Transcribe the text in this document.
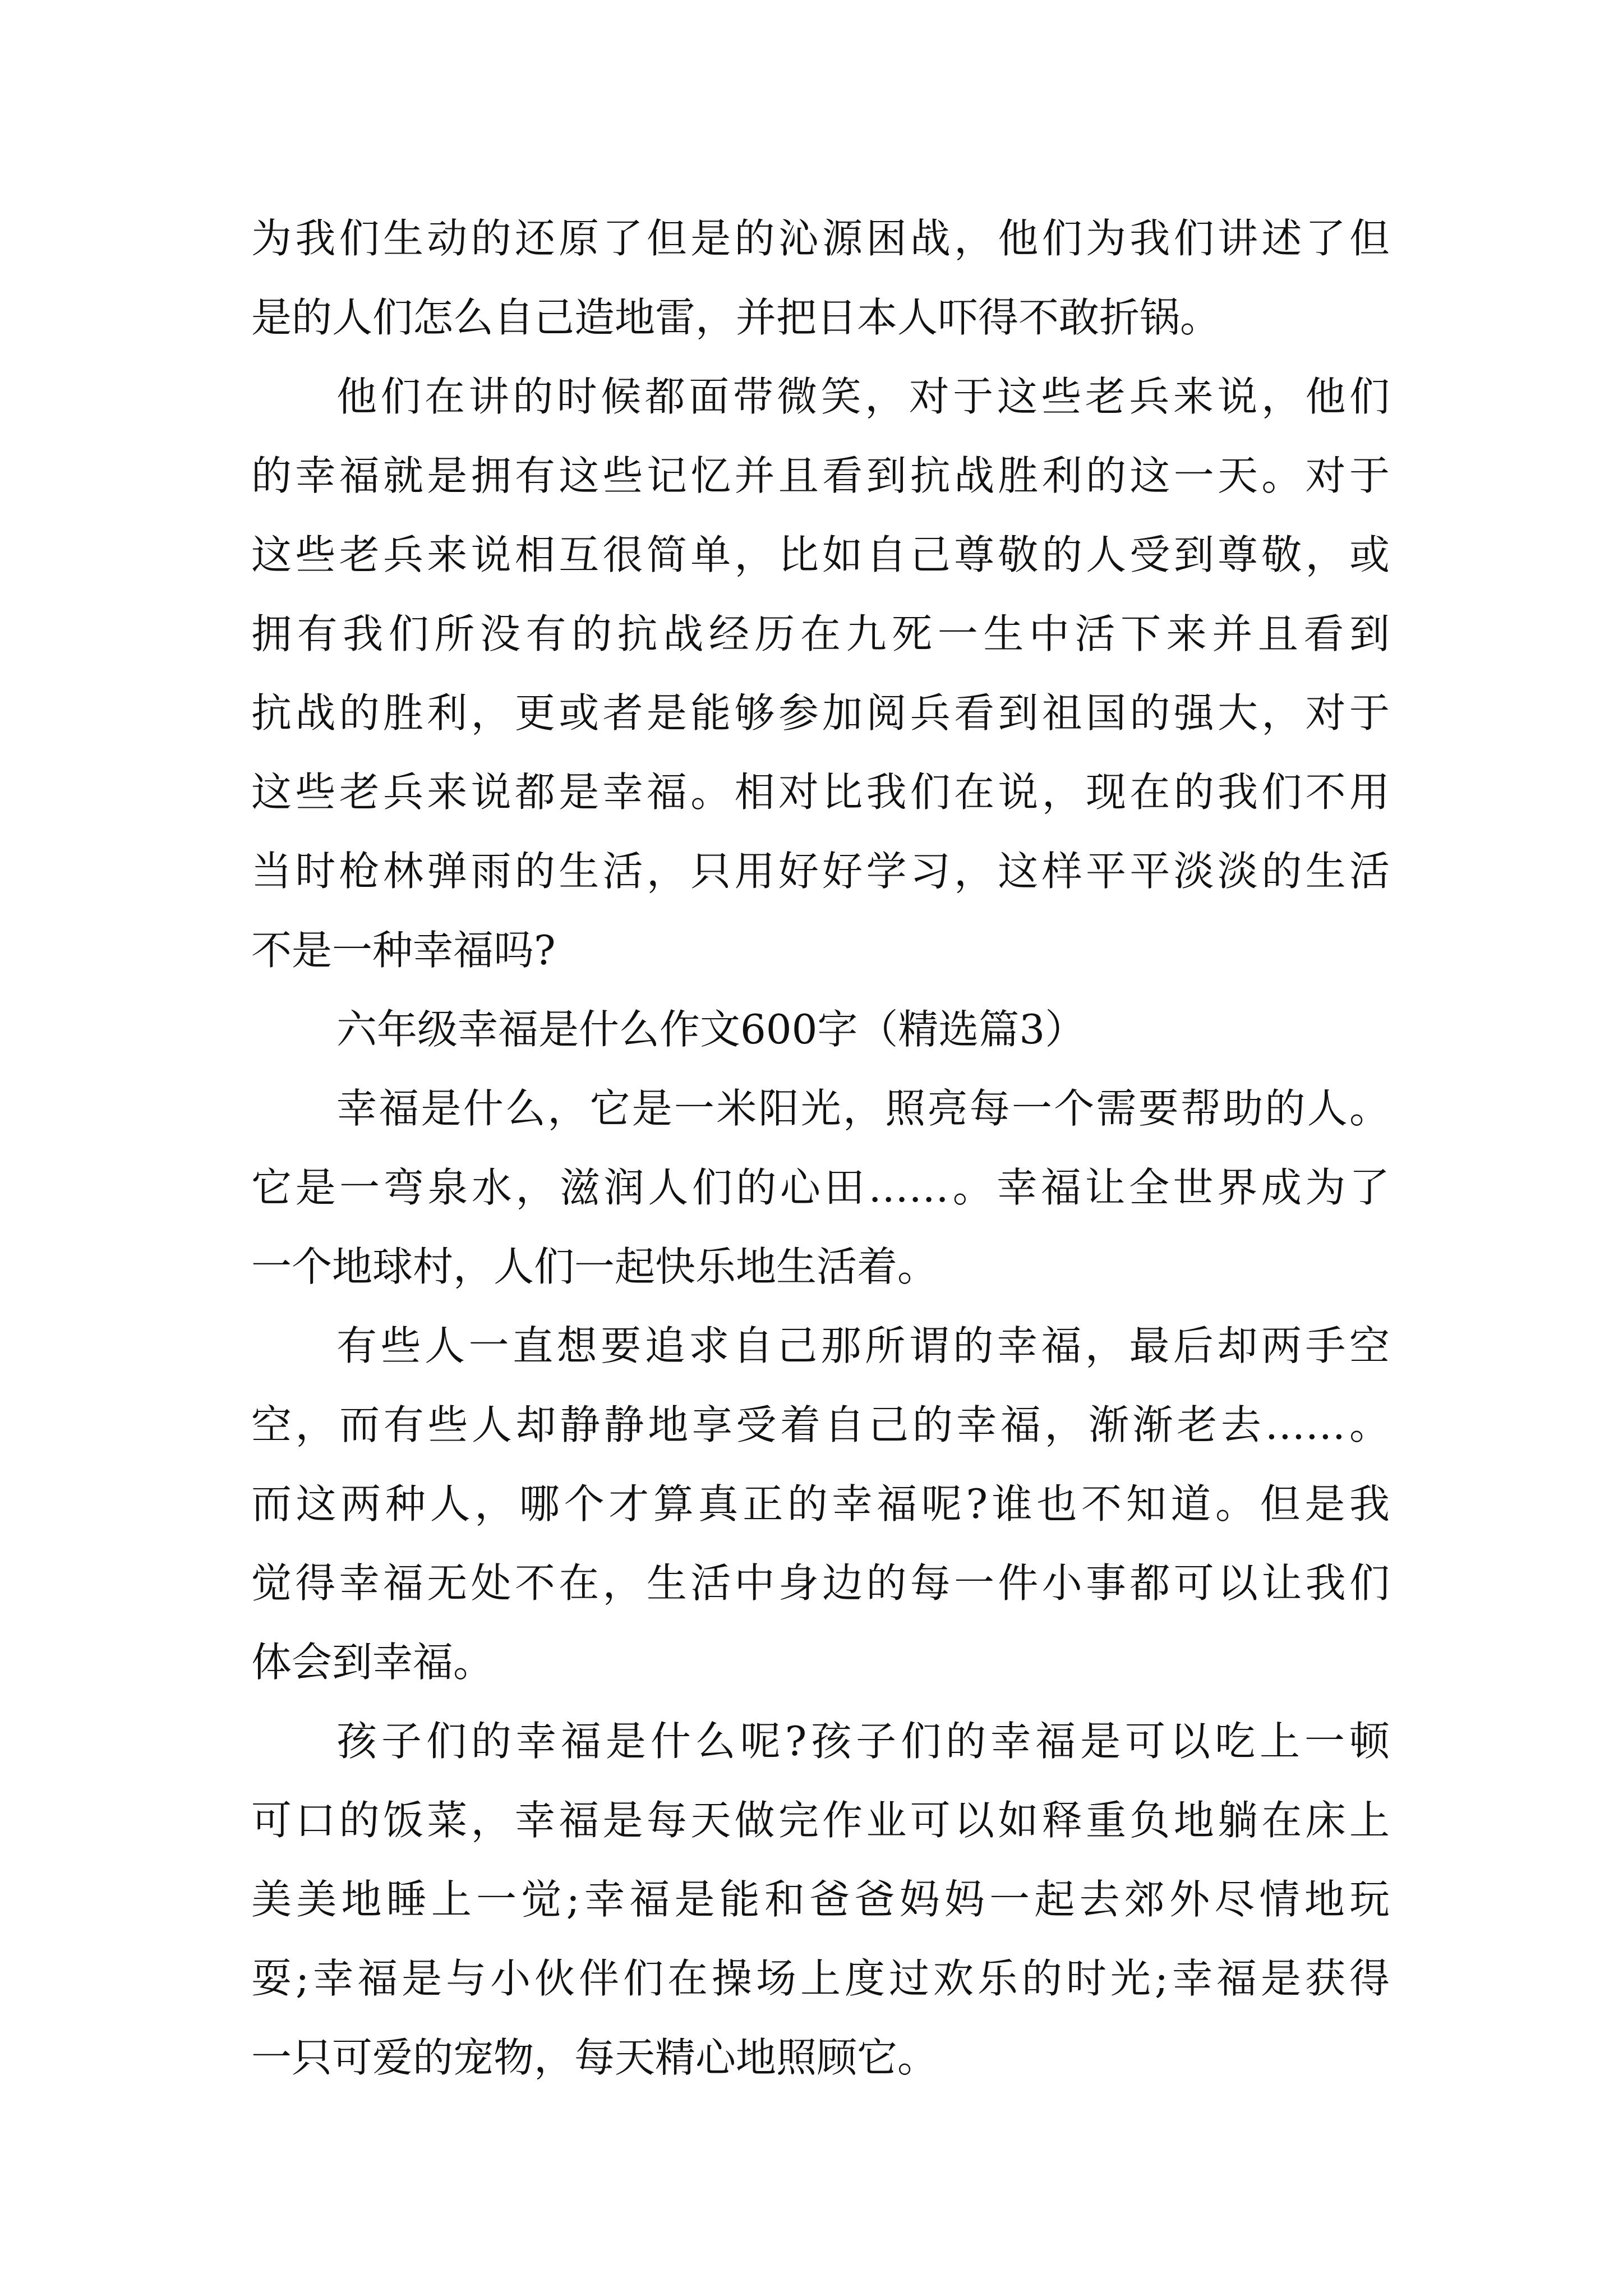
为我们生动的还原了但是的沁源困战，他们为我们讲述了但
是的人们怎么自己造地雷，并把日本人吓得不敢折锅。
他们在讲的时候都面带微笑，对于这些老兵来说，他们
的幸福就是拥有这些记忆并且看到抗战胜利的这一天。对于
这些老兵来说相互很简单，比如自己尊敬的人受到尊敬，或
拥有我们所没有的抗战经历在九死一生中活下来并且看到
抗战的胜利，更或者是能够参加阅兵看到祖国的强大，对于
这些老兵来说都是幸福。相对比我们在说，现在的我们不用
当时枪林弹雨的生活，只用好好学习，这样平平淡淡的生活
不是一种幸福吗?
六年级幸福是什么作文600字（精选篇3）
幸福是什么，它是一米阳光，照亮每一个需要帮助的人。
它是一弯泉水，滋润人们的心田……。幸福让全世界成为了
一个地球村，人们一起快乐地生活着。
有些人一直想要追求自己那所谓的幸福，最后却两手空
空，而有些人却静静地享受着自己的幸福，渐渐老去……。
而这两种人，哪个才算真正的幸福呢?谁也不知道。但是我
觉得幸福无处不在，生活中身边的每一件小事都可以让我们
体会到幸福。
孩子们的幸福是什么呢?孩子们的幸福是可以吃上一顿
可口的饭菜，幸福是每天做完作业可以如释重负地躺在床上
美美地睡上一觉;幸福是能和爸爸妈妈一起去郊外尽情地玩
耍;幸福是与小伙伴们在操场上度过欢乐的时光;幸福是获得
一只可爱的宠物，每天精心地照顾它。
